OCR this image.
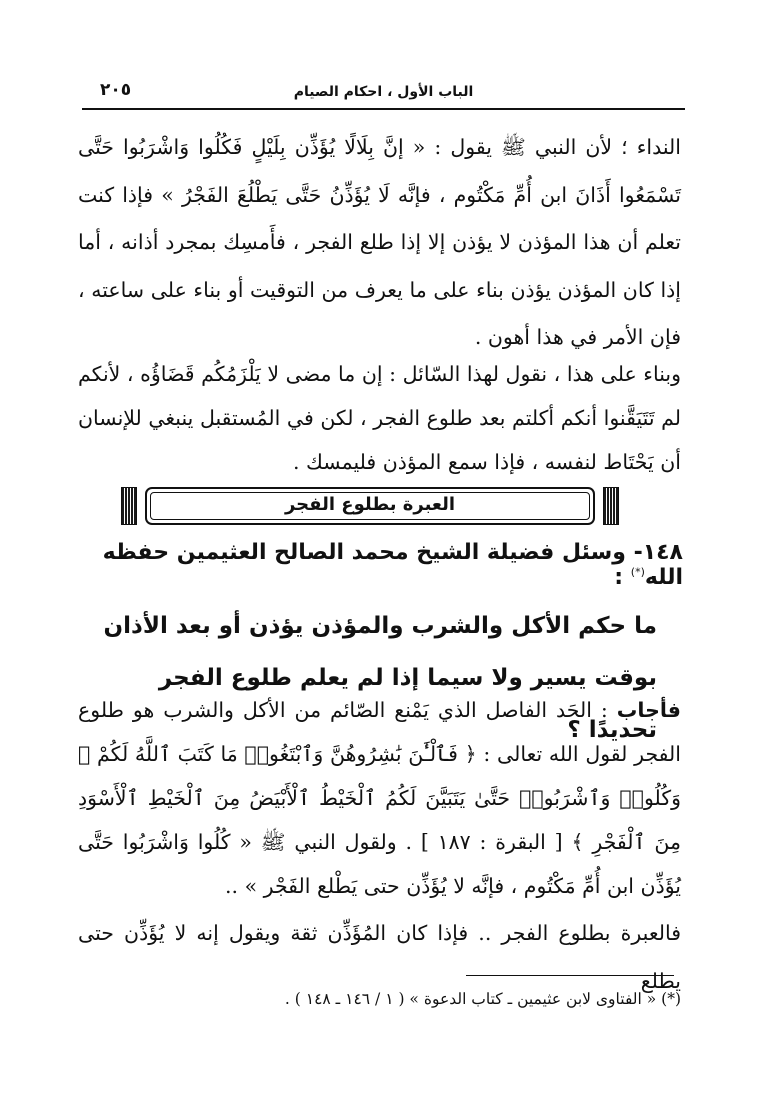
الباب الأول ، احكام الصيام
٢٠٥
النداء ؛ لأن النبي ﷺ يقول : « إنَّ بِلَالًا يُؤَذِّن بِلَيْلٍ فَكُلُوا وَاشْرَبُوا حَتَّى تَسْمَعُوا أَذَانَ ابن أُمِّ مَكْتُوم ، فإنَّه لَا يُؤَذِّنُ حَتَّى يَطْلُعَ الفَجْرُ » فإذا كنت تعلم أن هذا المؤذن لا يؤذن إلا إذا طلع الفجر ، فأَمسِك بمجرد أذانه ، أما إذا كان المؤذن يؤذن بناء على ما يعرف من التوقيت أو بناء على ساعته ، فإن الأمر في هذا أهون .
وبناء على هذا ، نقول لهذا السّائل : إن ما مضى لا يَلْزَمُكُم قَضَاؤُه ، لأنكم لم تَتَيَقَّنوا أنكم أكلتم بعد طلوع الفجر ، لكن في المُستقبل ينبغي للإنسان أن يَحْتَاط لنفسه ، فإذا سمع المؤذن فليمسك .
العبرة بطلوع الفجر
١٤٨- وسئل فضيلة الشيخ محمد الصالح العثيمين حفظه الله(*) :
ما حكم الأكل والشرب والمؤذن يؤذن أو بعد الأذان بوقت يسير ولا سيما إذا لم يعلم طلوع الفجر تحديدًا ؟
فأجاب : الحَد الفاصل الذي يَمْنع الصّائم من الأكل والشرب هو طلوع الفجر لقول الله تعالى : ﴿ فَٱلْـَٰٔنَ بَٰشِرُوهُنَّ وَٱبْتَغُوا۟ مَا كَتَبَ ٱللَّهُ لَكُمْ ۚ وَكُلُوا۟ وَٱشْرَبُوا۟ حَتَّىٰ يَتَبَيَّنَ لَكُمُ ٱلْخَيْطُ ٱلْأَبْيَضُ مِنَ ٱلْخَيْطِ ٱلْأَسْوَدِ مِنَ ٱلْفَجْرِ ﴾ [ البقرة : ١٨٧ ] . ولقول النبي ﷺ « كُلُوا وَاشْرَبُوا حَتَّى يُؤَذِّن ابن أُمِّ مَكْتُوم ، فإنَّه لا يُؤَذِّن حتى يَطْلع الفَجْر » ..
فالعبرة بطلوع الفجر .. فإذا كان المُؤَذِّن ثقة ويقول إنه لا يُؤَذِّن حتى يطلع
(*) « الفتاوى لابن عثيمين ـ كتاب الدعوة » ( ١ / ١٤٦ ـ ١٤٨ ) .
